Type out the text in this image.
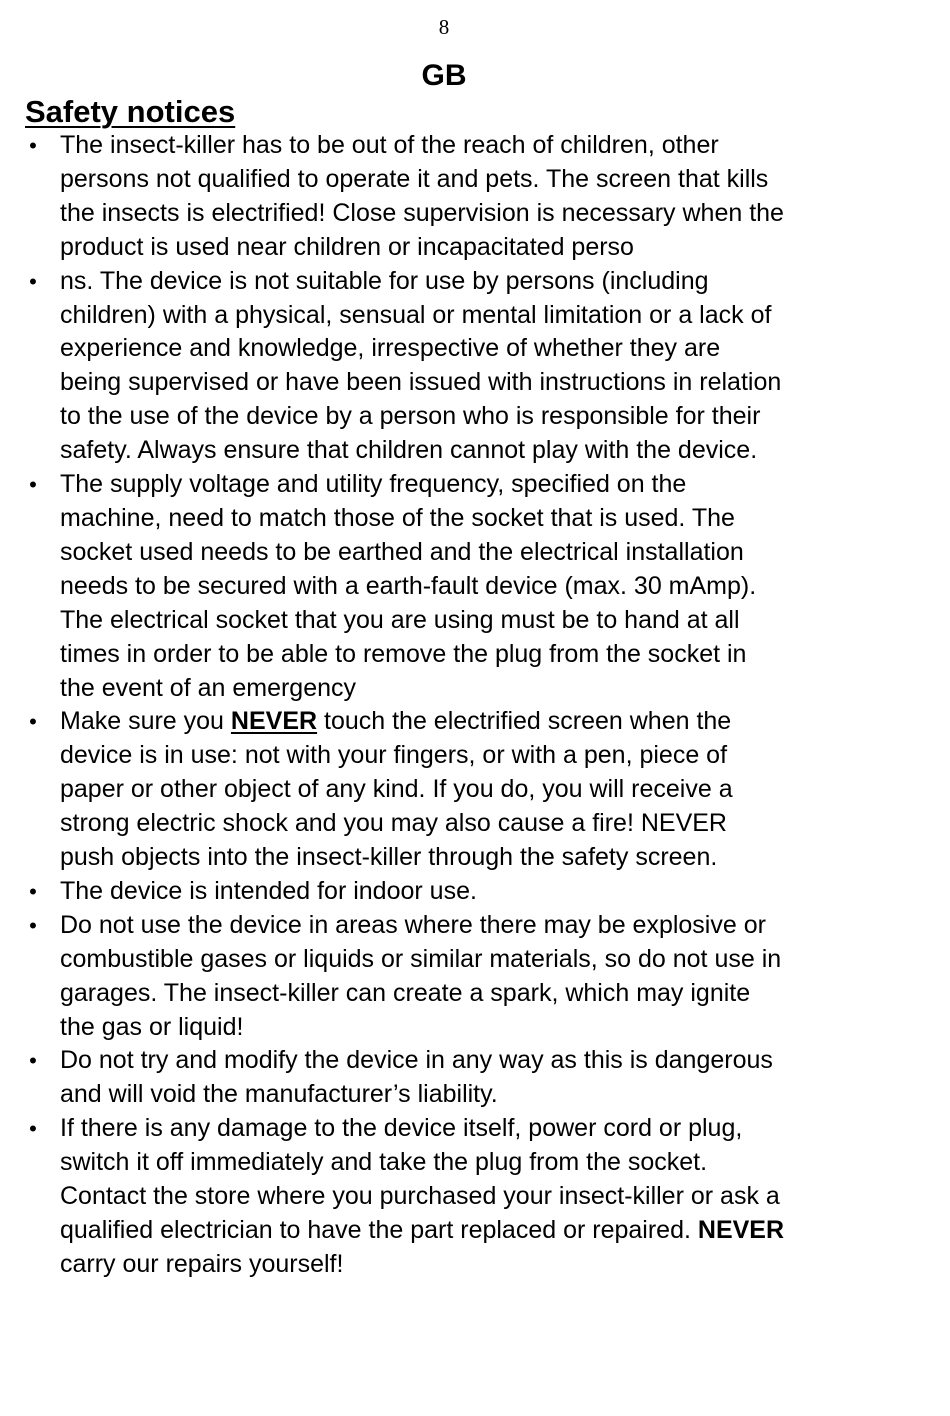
8
GB
Safety notices
• The insect-killer has to be out of the reach of children, other
persons not qualified to operate it and pets. The screen that kills
the insects is electrified! Close supervision is necessary when the
product is used near children or incapacitated perso
• ns. The device is not suitable for use by persons (including
children) with a physical, sensual or mental limitation or a lack of
experience and knowledge, irrespective of whether they are
being supervised or have been issued with instructions in relation
to the use of the device by a person who is responsible for their
safety. Always ensure that children cannot play with the device.
• The supply voltage and utility frequency, specified on the
machine, need to match those of the socket that is used. The
socket used needs to be earthed and the electrical installation
needs to be secured with a earth-fault device (max. 30 mAmp).
The electrical socket that you are using must be to hand at all
times in order to be able to remove the plug from the socket in
the event of an emergency
• Make sure you NEVER touch the electrified screen when the
device is in use: not with your fingers, or with a pen, piece of
paper or other object of any kind. If you do, you will receive a
strong electric shock and you may also cause a fire! NEVER
push objects into the insect-killer through the safety screen.
• The device is intended for indoor use.
• Do not use the device in areas where there may be explosive or
combustible gases or liquids or similar materials, so do not use in
garages. The insect-killer can create a spark, which may ignite
the gas or liquid!
• Do not try and modify the device in any way as this is dangerous
and will void the manufacturer’s liability.
• If there is any damage to the device itself, power cord or plug,
switch it off immediately and take the plug from the socket.
Contact the store where you purchased your insect-killer or ask a
qualified electrician to have the part replaced or repaired. NEVER
carry our repairs yourself!
